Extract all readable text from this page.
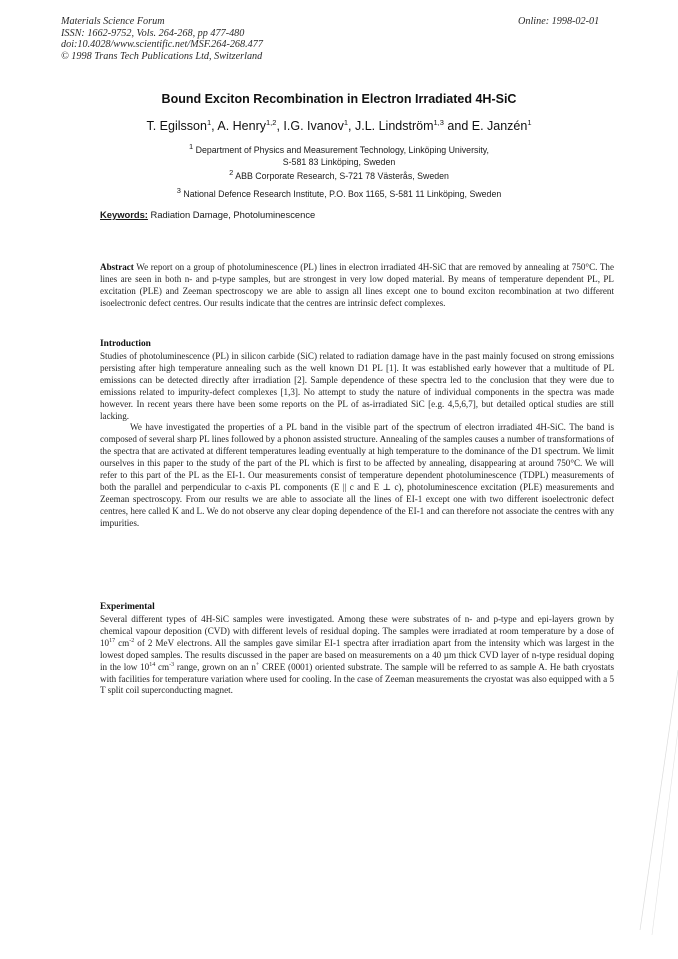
Materials Science Forum
ISSN: 1662-9752, Vols. 264-268, pp 477-480
doi:10.4028/www.scientific.net/MSF.264-268.477
© 1998 Trans Tech Publications Ltd, Switzerland
Online: 1998-02-01
Bound Exciton Recombination in Electron Irradiated 4H-SiC
T. Egilsson$^1$, A. Henry$^{1,2}$, I.G. Ivanov$^1$, J.L. Lindström$^{1,3}$ and E. Janzén$^1$
$^1$ Department of Physics and Measurement Technology, Linköping University,
S-581 83 Linköping, Sweden
$^2$ ABB Corporate Research, S-721 78 Västerås, Sweden
$^3$ National Defence Research Institute, P.O. Box 1165, S-581 11 Linköping, Sweden
Keywords: Radiation Damage, Photoluminescence

Abstract We report on a group of photoluminescence (PL) lines in electron irradiated 4H-SiC that are removed by annealing at 750°C. The lines are seen in both n- and p-type samples, but are strongest in very low doped material. By means of temperature dependent PL, PL excitation (PLE) and Zeeman spectroscopy we are able to assign all lines except one to bound exciton recombination at two different isoelectronic defect centres. Our results indicate that the centres are intrinsic defect complexes.

Introduction

Studies of photoluminescence (PL) in silicon carbide (SiC) related to radiation damage have in the past mainly focused on strong emissions persisting after high temperature annealing such as the well known D1 PL [1]. It was established early however that a multitude of PL emissions can be detected directly after irradiation [2]. Sample dependence of these spectra led to the conclusion that they were due to emissions related to impurity-defect complexes [1,3]. No attempt to study the nature of individual components in the spectra was made however. In recent years there have been some reports on the PL of as-irradiated SiC [e.g. 4,5,6,7], but detailed optical studies are still lacking.

We have investigated the properties of a PL band in the visible part of the spectrum of electron irradiated 4H-SiC. The band is composed of several sharp PL lines followed by a phonon assisted structure. Annealing of the samples causes a number of transformations of the spectra that are activated at different temperatures leading eventually at high temperature to the dominance of the D1 spectrum. We limit ourselves in this paper to the study of the part of the PL which is first to be affected by annealing, disappearing at around 750°C. We will refer to this part of the PL as the EI-1. Our measurements consist of temperature dependent photoluminescence (TDPL) measurements of both the parallel and perpendicular to c-axis PL components (E || c and E ⊥ c), photoluminescence excitation (PLE) measurements and Zeeman spectroscopy. From our results we are able to associate all the lines of EI-1 except one with two different isoelectronic defect centres, here called K and L. We do not observe any clear doping dependence of the EI-1 and can therefore not associate the centres with any impurities.

Experimental

Several different types of 4H-SiC samples were investigated. Among these were substrates of n- and p-type and epi-layers grown by chemical vapour deposition (CVD) with different levels of residual doping. The samples were irradiated at room temperature by a dose of $10^{17}$ $cm^{-2}$ of 2 MeV electrons. All the samples gave similar EI-1 spectra after irradiation apart from the intensity which was largest in the lowest doped samples. The results discussed in the paper are based on measurements on a 40 µm thick CVD layer of n-type residual doping in the low $10^{14}$ $cm^{-3}$ range, grown on an n+ CREE (0001) oriented substrate. The sample will be referred to as sample A. He bath cryostats with facilities for temperature variation where used for cooling. In the case of Zeeman measurements the cryostat was also equipped with a 5 T split coil superconducting magnet.
